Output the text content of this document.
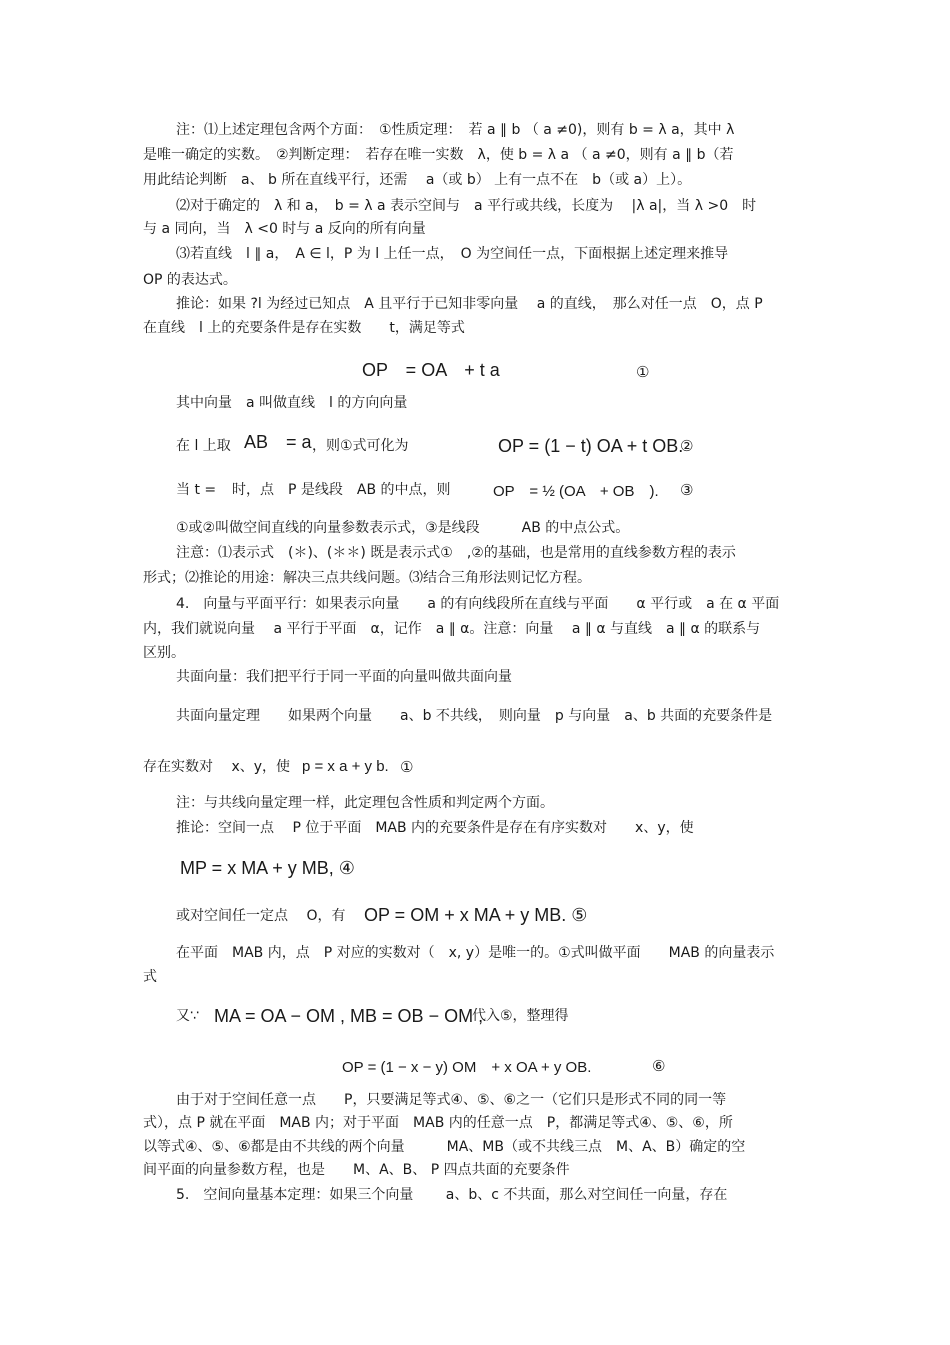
注：⑴上述定理包含两个方面：　①性质定理：　若 a ∥ b （ a ≠0)，则有 b = λ a，其中 λ
是唯一确定的实数。　②判断定理：　若存在唯一实数　λ，使 b = λ a （ a ≠0，则有 a ∥ b（若
用此结论判断　a、 b 所在直线平行，还需　 a（或 b） 上有一点不在　b（或 a）上）。
⑵对于确定的　λ 和 a，　b = λ a 表示空间与　a 平行或共线，长度为　 |λ a|，当 λ >0　时
与 a 同向，当　λ <0 时与 a 反向的所有向量
⑶若直线　l ∥ a，　A ∈ l，P 为 l 上任一点，　O 为空间任一点，下面根据上述定理来推导
OP 的表达式。
推论：如果 ?l 为经过已知点　A 且平行于已知非零向量　 a 的直线，　那么对任一点　O，点 P
在直线　l 上的充要条件是存在实数　　t，满足等式
OP　= OA　+ t a	①
其中向量　a 叫做直线　l 的方向向量
在 l 上取 AB　= a ，则①式可化为	OP = (1 − t) OA + t OB.
②
当 t =	时，点　P 是线段　AB 的中点，则	OP　= ½ (OA　+ OB　). ③
①或②叫做空间直线的向量参数表示式，③是线段　　　AB 的中点公式。
注意：⑴表示式　(＊)、(＊＊) 既是表示式①　,②的基础，也是常用的直线参数方程的表示
形式；⑵推论的用途：解决三点共线问题。⑶结合三角形法则记忆方程。
4.　向量与平面平行：如果表示向量　　a 的有向线段所在直线与平面　　α 平行或　a 在 α 平面
内，我们就说向量　 a 平行于平面　α，记作　a ∥ α。注意：向量　 a ∥ α 与直线　a ∥ α 的联系与
区别。
共面向量：我们把平行于同一平面的向量叫做共面向量
共面向量定理　　如果两个向量　　a、b 不共线，　则向量　p 与向量　a、b 共面的充要条件是
存在实数对　 x、y，使 p = x a + y b. ①
注：与共线向量定理一样，此定理包含性质和判定两个方面。
推论：空间一点　 P 位于平面　MAB 内的充要条件是存在有序实数对　　x、y，使
MP = x MA + y MB, ④
或对空间任一定点　 O，有	OP = OM + x MA + y MB. ⑤
在平面　MAB 内，点　P 对应的实数对（　x, y）是唯一的。①式叫做平面　　MAB 的向量表示
式
又∵ MA = OA − OM , MB = OB − OM ,
代入⑤，整理得
OP = (1 − x − y) OM　+ x OA + y OB.	⑥
由于对于空间任意一点　　P，只要满足等式④、⑤、⑥之一（它们只是形式不同的同一等
式），点 P 就在平面　MAB 内；对于平面　MAB 内的任意一点　P，都满足等式④、⑤、⑥，所
以等式④、⑤、⑥都是由不共线的两个向量　　　MA、MB（或不共线三点　M、A、B）确定的空
间平面的向量参数方程，也是　　M、A、B、 P 四点共面的充要条件
5.　空间向量基本定理：如果三个向量　　 a、b、c 不共面，那么对空间任一向量，存在
